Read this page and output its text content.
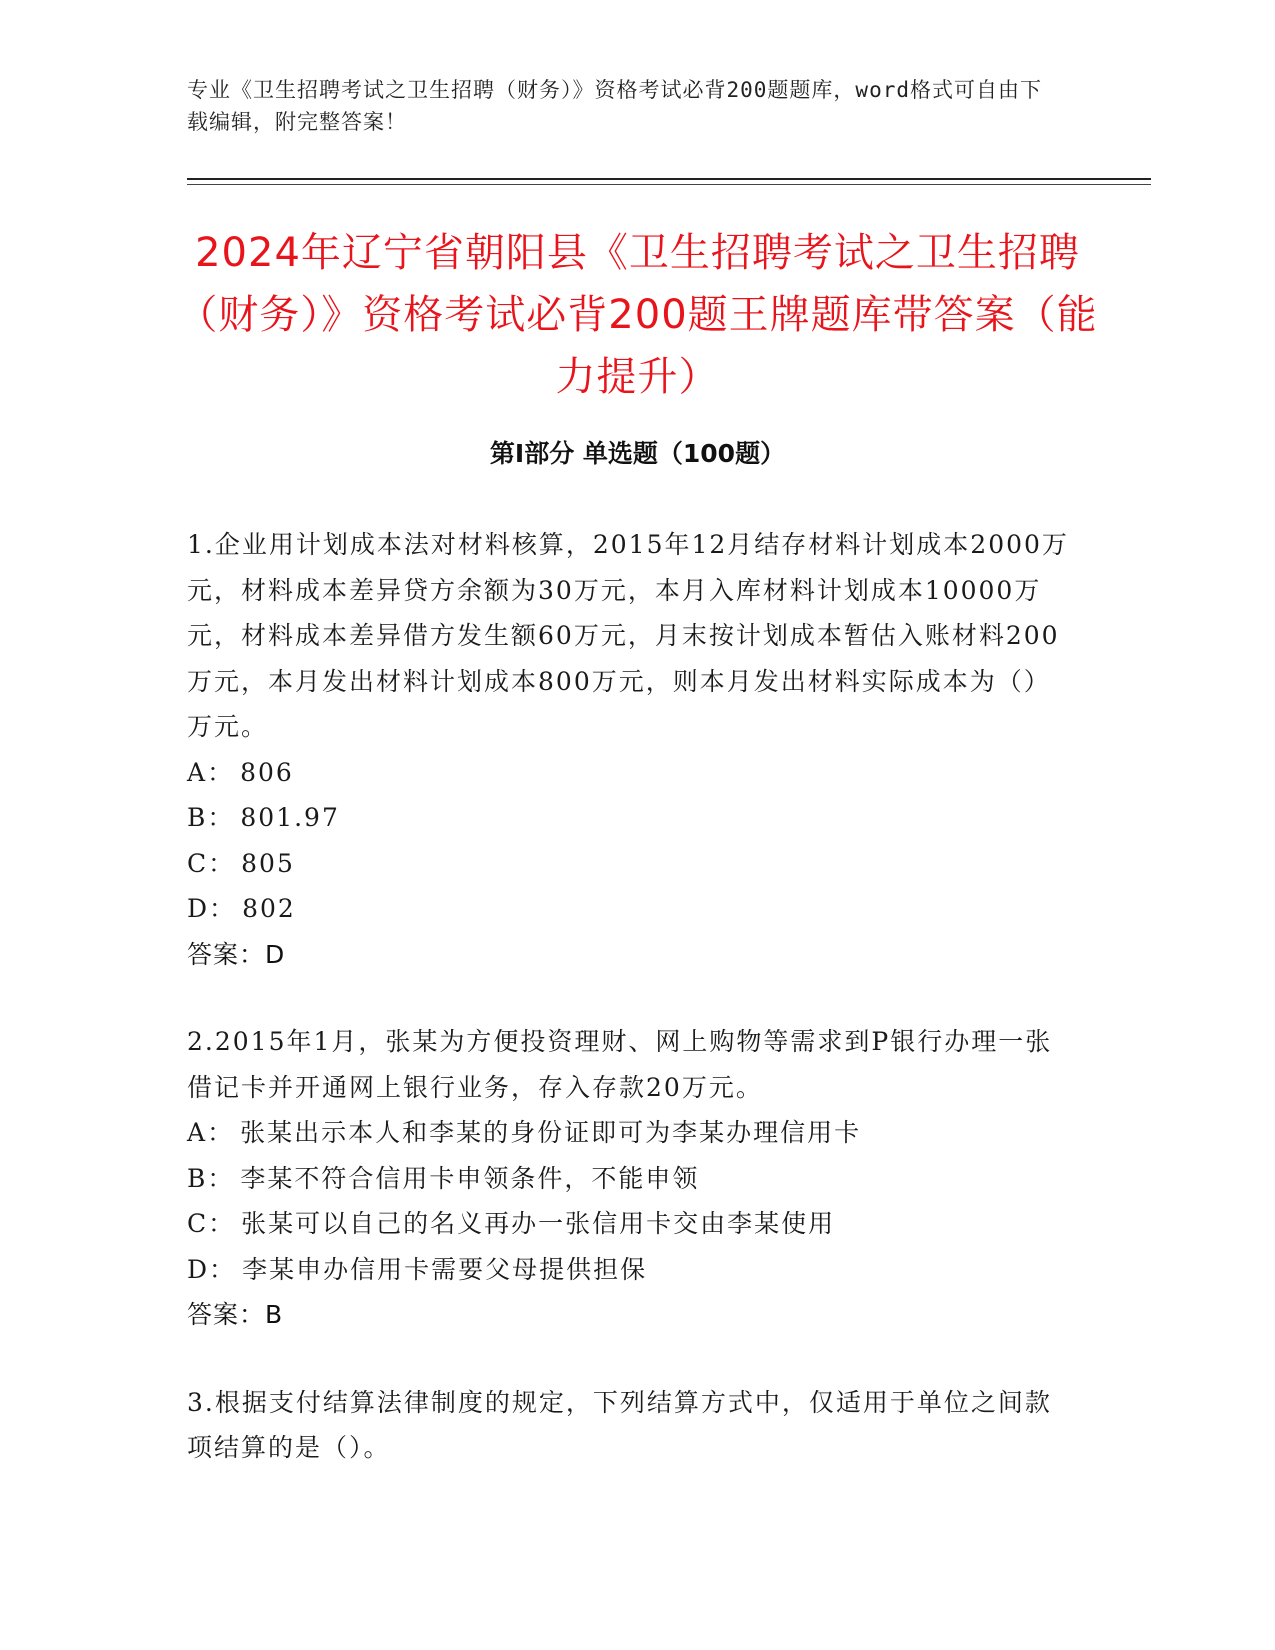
专业《卫生招聘考试之卫生招聘（财务）》资格考试必背200题题库，word格式可自由下载编辑，附完整答案！
2024年辽宁省朝阳县《卫生招聘考试之卫生招聘（财务）》资格考试必背200题王牌题库带答案（能力提升）
第Ⅰ部分 单选题（100题）

1.企业用计划成本法对材料核算，2015年12月结存材料计划成本2000万元，材料成本差异贷方余额为30万元，本月入库材料计划成本10000万元，材料成本差异借方发生额60万元，月末按计划成本暂估入账材料200万元，本月发出材料计划成本800万元，则本月发出材料实际成本为（）万元。

A： 806

B： 801.97

C： 805

D： 802

答案：D

2.2015年1月，张某为方便投资理财、网上购物等需求到P银行办理一张借记卡并开通网上银行业务，存入存款20万元。

A： 张某出示本人和李某的身份证即可为李某办理信用卡

B： 李某不符合信用卡申领条件，不能申领

C： 张某可以自己的名义再办一张信用卡交由李某使用

D： 李某申办信用卡需要父母提供担保

答案：B

3.根据支付结算法律制度的规定，下列结算方式中，仅适用于单位之间款项结算的是（）。
